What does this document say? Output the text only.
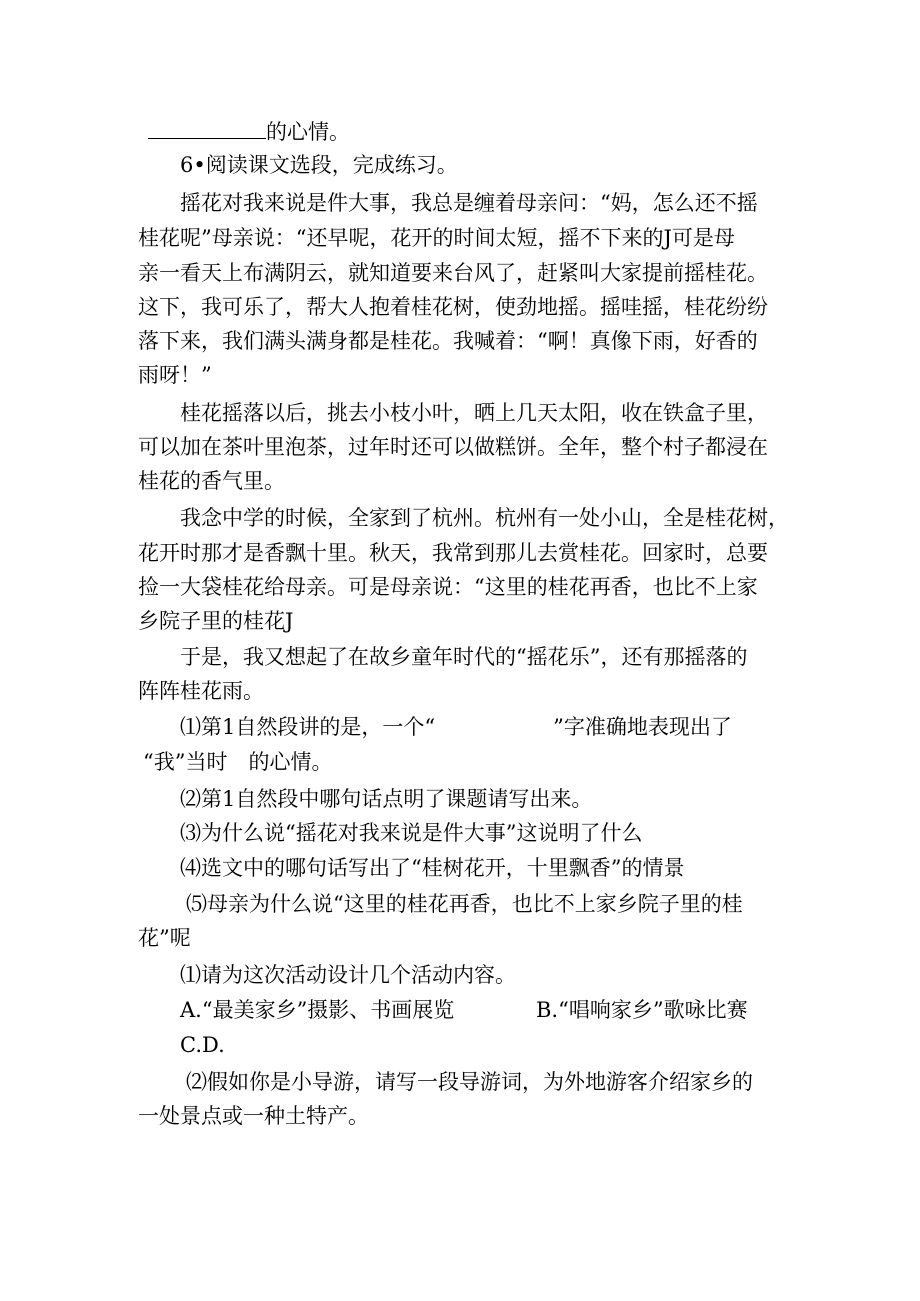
的心情。
6•阅读课文选段，完成练习。
摇花对我来说是件大事，我总是缠着母亲问：“妈，怎么还不摇
桂花呢”母亲说：“还早呢，花开的时间太短，摇不下来的J可是母
亲一看天上布满阴云，就知道要来台风了，赶紧叫大家提前摇桂花。
这下，我可乐了，帮大人抱着桂花树，使劲地摇。摇哇摇，桂花纷纷
落下来，我们满头满身都是桂花。我喊着：“啊！真像下雨，好香的
雨呀！”
桂花摇落以后，挑去小枝小叶，晒上几天太阳，收在铁盒子里，
可以加在茶叶里泡茶，过年时还可以做糕饼。全年，整个村子都浸在
桂花的香气里。
我念中学的时候，全家到了杭州。杭州有一处小山，全是桂花树，
花开时那才是香飘十里。秋天，我常到那儿去赏桂花。回家时，总要
捡一大袋桂花给母亲。可是母亲说：“这里的桂花再香，也比不上家
乡院子里的桂花J
于是，我又想起了在故乡童年时代的“摇花乐”，还有那摇落的
阵阵桂花雨。
⑴第1自然段讲的是，一个“	”字准确地表现出了
“我”当时　的心情。
⑵第1自然段中哪句话点明了课题请写出来。
⑶为什么说“摇花对我来说是件大事”这说明了什么
⑷选文中的哪句话写出了“桂树花开，十里飘香”的情景
⑸母亲为什么说“这里的桂花再香，也比不上家乡院子里的桂
花”呢
⑴请为这次活动设计几个活动内容。
A.“最美家乡”摄影、书画展览	B.“唱响家乡”歌咏比赛
C.D.
⑵假如你是小导游，请写一段导游词，为外地游客介绍家乡的
一处景点或一种土特产。
